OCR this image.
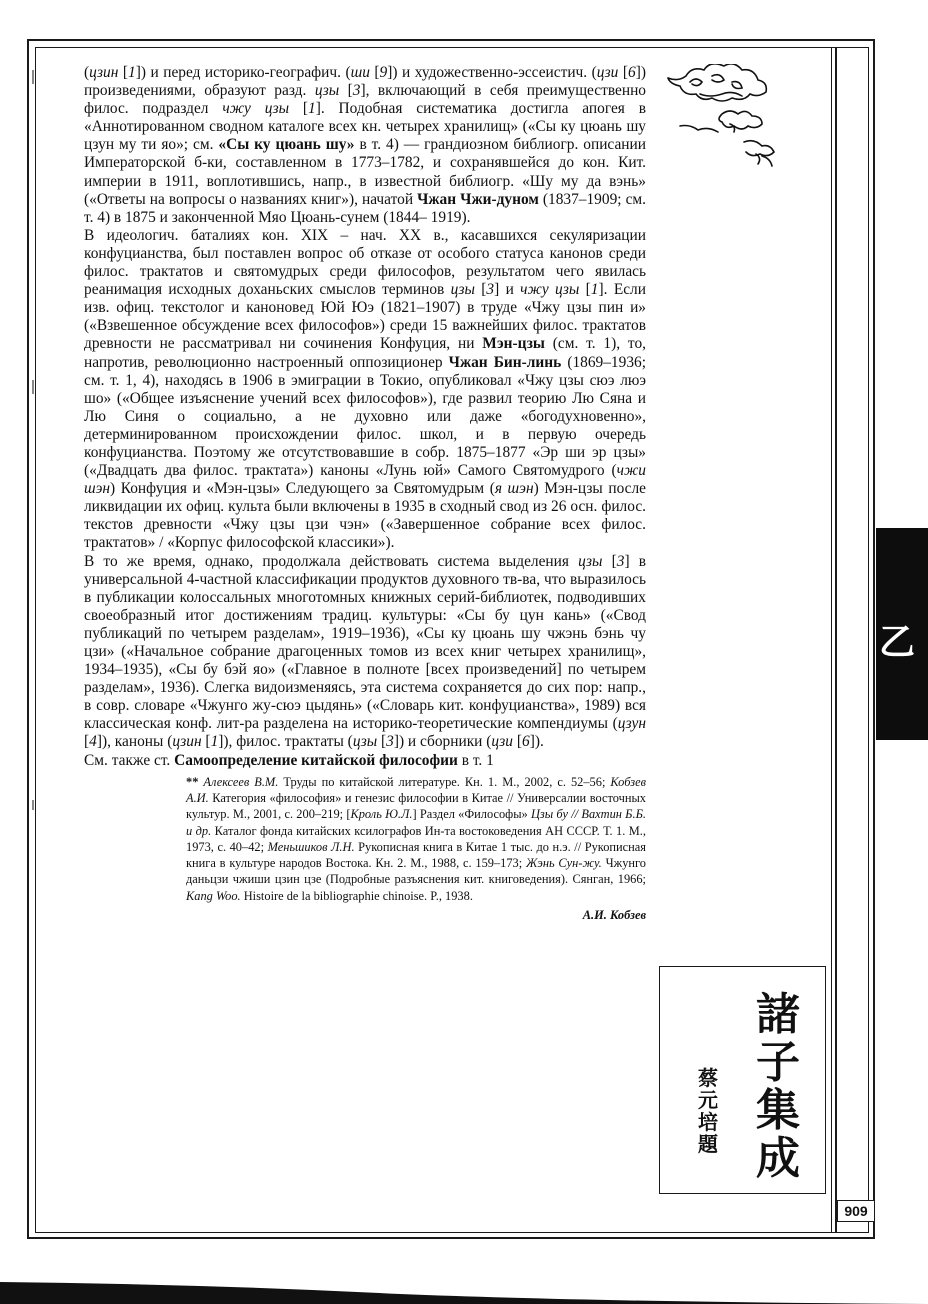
(цзин [1]) и перед историко-географич. (ши [9]) и художественно-эссеистич. (цзи [6]) произведениями, образуют разд. цзы [3], включающий в себя преимущественно филос. подраздел чжу цзы [1]. Подобная систематика достигла апогея в «Аннотированном сводном каталоге всех кн. четырех хранилищ» («Сы ку цюань шу цзун му ти яо»; см. «Сы ку цюань шу» в т. 4) — грандиозном библиогр. описании Императорской б-ки, составленном в 1773–1782, и сохранявшейся до кон. Кит. империи в 1911, воплотившись, напр., в известной библиогр. «Шу му да вэнь» («Ответы на вопросы о названиях книг»), начатой Чжан Чжи-дуном (1837–1909; см. т. 4) в 1875 и законченной Мяо Цюань-сунем (1844– 1919).

В идеологич. баталиях кон. XIX – нач. XX в., касавшихся секуляризации конфуцианства, был поставлен вопрос об отказе от особого статуса канонов среди филос. трактатов и святомудрых среди философов, результатом чего явилась реанимация исходных доханьских смыслов терминов цзы [3] и чжу цзы [1]. Если изв. офиц. текстолог и каноновед Юй Юэ (1821–1907) в труде «Чжу цзы пин и» («Взвешенное обсуждение всех философов») среди 15 важнейших филос. трактатов древности не рассматривал ни сочинения Конфуция, ни Мэн-цзы (см. т. 1), то, напротив, революционно настроенный оппозиционер Чжан Бин-линь (1869–1936; см. т. 1, 4), находясь в 1906 в эмиграции в Токио, опубликовал «Чжу цзы сюэ люэ шо» («Общее изъяснение учений всех философов»), где развил теорию Лю Сяна и Лю Синя о социально, а не духовно или даже «богодухновенно», детерминированном происхождении филос. школ, и в первую очередь конфуцианства. Поэтому же отсутствовавшие в собр. 1875–1877 «Эр ши эр цзы» («Двадцать два филос. трактата») каноны «Лунь юй» Самого Святомудрого (чжи шэн) Конфуция и «Мэн-цзы» Следующего за Святомудрым (я шэн) Мэн-цзы после ликвидации их офиц. культа были включены в 1935 в сходный свод из 26 осн. филос. текстов древности «Чжу цзы цзи чэн» («Завершенное собрание всех филос. трактатов» / «Корпус философской классики»).

В то же время, однако, продолжала действовать система выделения цзы [3] в универсальной 4-частной классификации продуктов духовного тв-ва, что выразилось в публикации колоссальных многотомных книжных серий-библиотек, подводивших своеобразный итог достижениям традиц. культуры: «Сы бу цун кань» («Свод публикаций по четырем разделам», 1919–1936), «Сы ку цюань шу чжэнь бэнь чу цзи» («Начальное собрание драгоценных томов из всех книг четырех хранилищ», 1934–1935), «Сы бу бэй яо» («Главное в полноте [всех произведений] по четырем разделам», 1936). Слегка видоизменяясь, эта система сохраняется до сих пор: напр., в совр. словаре «Чжунго жу-сюэ цыдянь» («Словарь кит. конфуцианства», 1989) вся классическая конф. лит-ра разделена на историко-теоретические компендиумы (цзун [4]), каноны (цзин [1]), филос. трактаты (цзы [3]) и сборники (цзи [6]).

См. также ст. Самоопределение китайской философии в т. 1

** Алексеев В.М. Труды по китайской литературе. Кн. 1. М., 2002, с. 52–56; Кобзев А.И. Категория «философия» и генезис философии в Китае // Универсалии восточных культур. М., 2001, с. 200–219; [Кроль Ю.Л.] Раздел «Философы» Цзы бу // Вахтин Б.Б. и др. Каталог фонда китайских ксилографов Ин-та востоковедения АН СССР. Т. 1. М., 1973, с. 40–42; Меньшиков Л.Н. Рукописная книга в Китае 1 тыс. до н.э. // Рукописная книга в культуре народов Востока. Кн. 2. М., 1988, с. 159–173; Жэнь Сун-жу. Чжунго даньцзи чжиши цзин цзе (Подробные разъяснения кит. книговедения). Сянган, 1966; Kang Woo. Histoire de la bibliographie chinoise. P., 1938.
А.И. Кобзев
諸
子
集
成
蔡
元
培
題
乙
909
